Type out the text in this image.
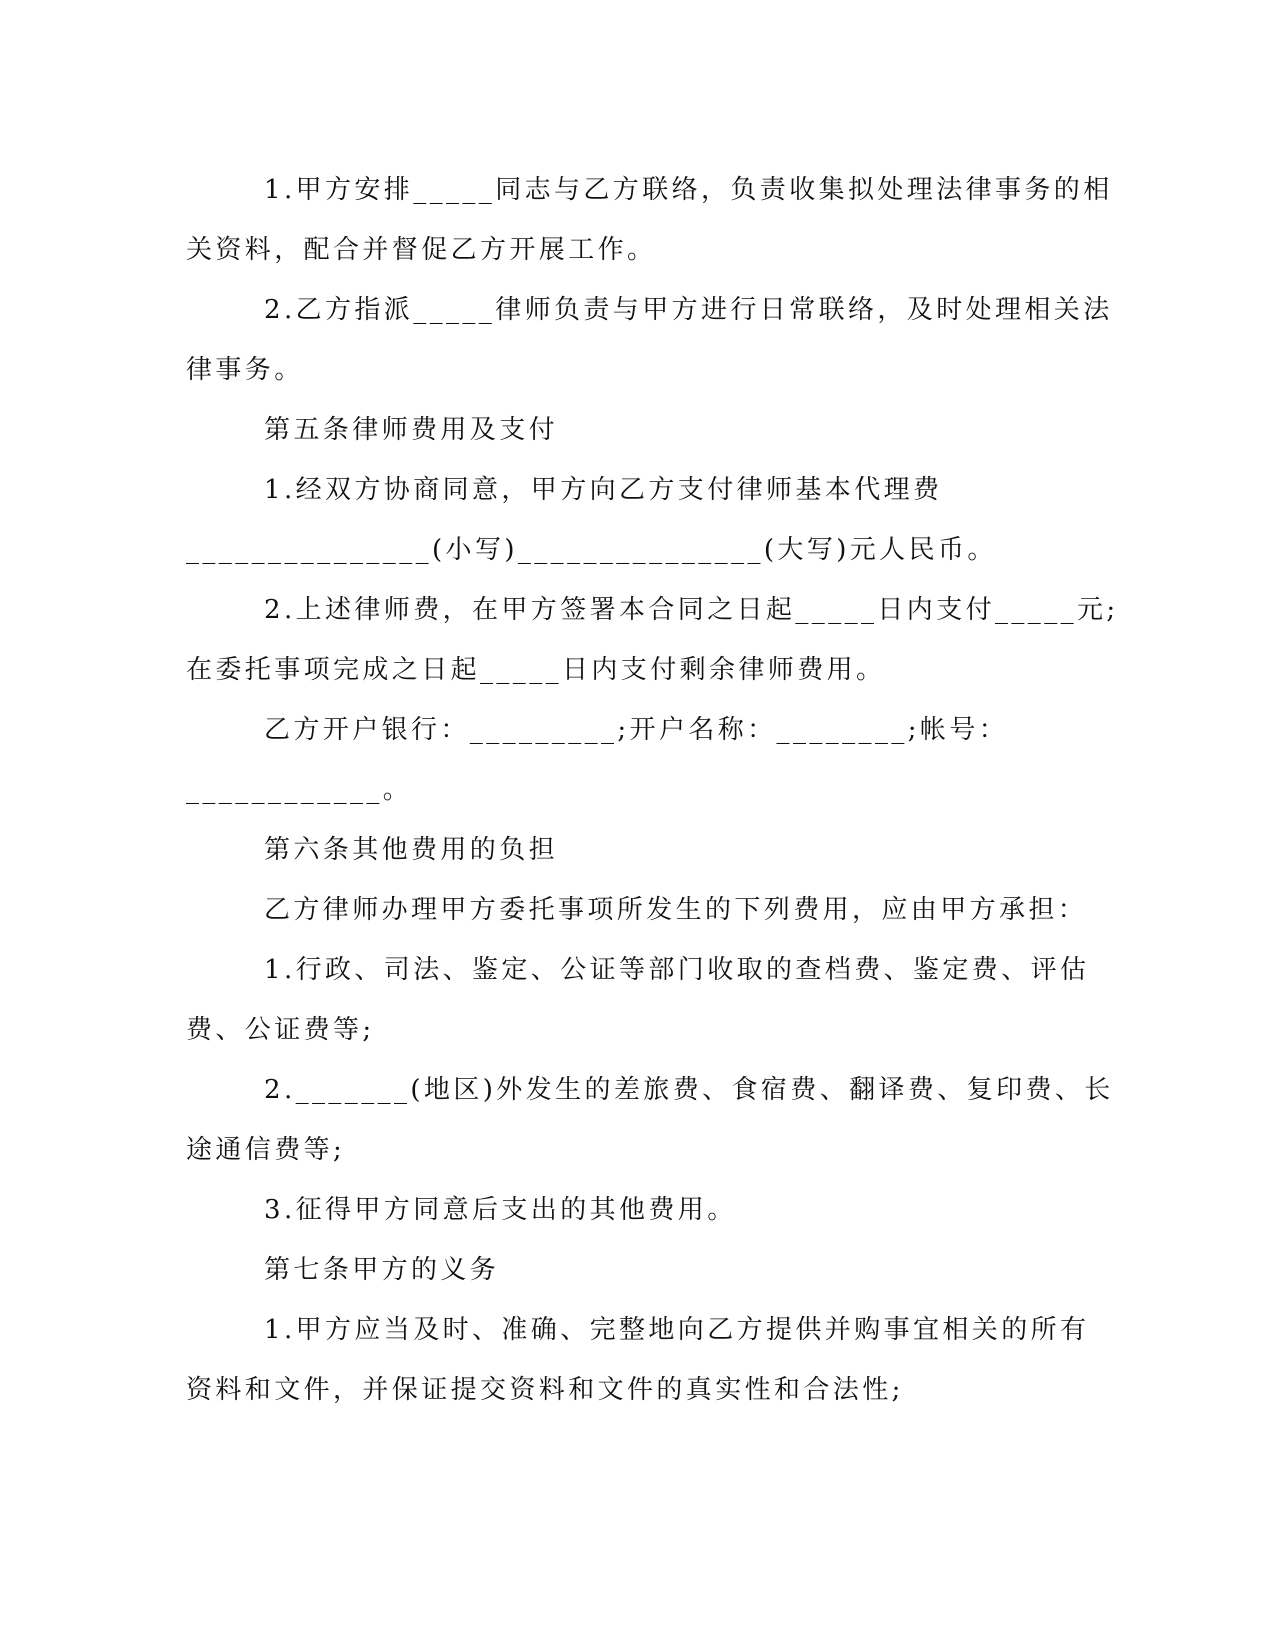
1.甲方安排_____同志与乙方联络，负责收集拟处理法律事务的相
关资料，配合并督促乙方开展工作。
2.乙方指派_____律师负责与甲方进行日常联络，及时处理相关法
律事务。
第五条律师费用及支付
1.经双方协商同意，甲方向乙方支付律师基本代理费
_______________(小写)_______________(大写)元人民币。
2.上述律师费，在甲方签署本合同之日起_____日内支付_____元;
在委托事项完成之日起_____日内支付剩余律师费用。
乙方开户银行：_________;开户名称：________;帐号：
____________。
第六条其他费用的负担
乙方律师办理甲方委托事项所发生的下列费用，应由甲方承担：
1.行政、司法、鉴定、公证等部门收取的查档费、鉴定费、评估
费、公证费等;
2._______(地区)外发生的差旅费、食宿费、翻译费、复印费、长
途通信费等;
3.征得甲方同意后支出的其他费用。
第七条甲方的义务
1.甲方应当及时、准确、完整地向乙方提供并购事宜相关的所有
资料和文件，并保证提交资料和文件的真实性和合法性;
